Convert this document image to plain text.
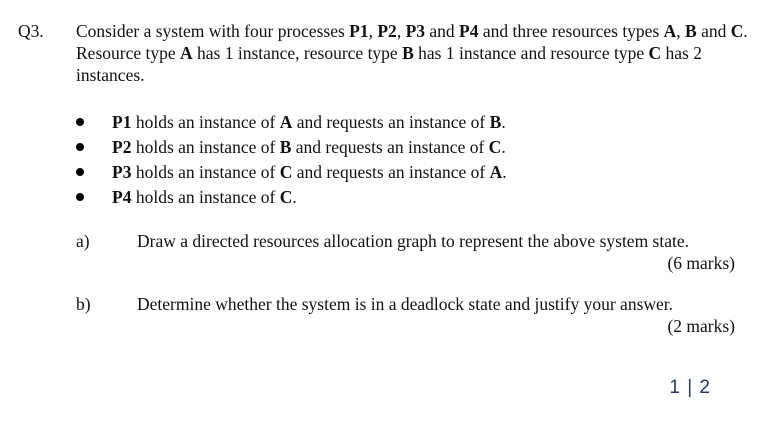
Q3. Consider a system with four processes P1, P2, P3 and P4 and three resources types A, B and C. Resource type A has 1 instance, resource type B has 1 instance and resource type C has 2 instances.
P1 holds an instance of A and requests an instance of B.
P2 holds an instance of B and requests an instance of C.
P3 holds an instance of C and requests an instance of A.
P4 holds an instance of C.
a)	Draw a directed resources allocation graph to represent the above system state.
(6 marks)
b)	Determine whether the system is in a deadlock state and justify your answer.
(2 marks)
1 | 2
